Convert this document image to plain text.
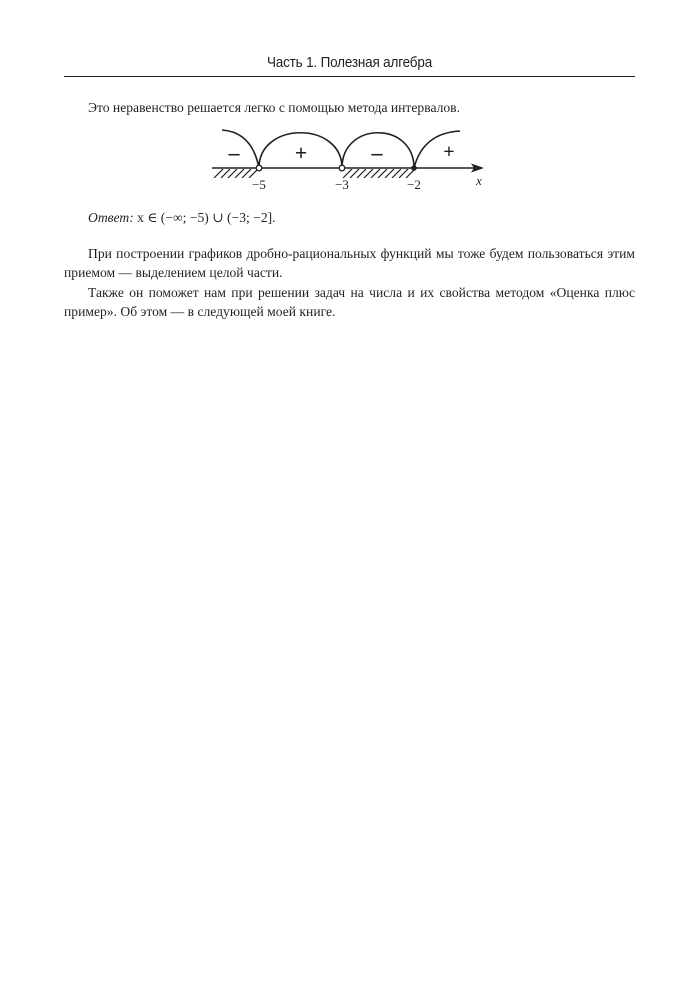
Часть 1. Полезная алгебра

Это неравенство решается легко с помощью метода интервалов.

–	+	–	+
−5	−3	−2	x

Ответ: x ∈ (−∞; −5) ∪ (−3; −2].

При построении графиков дробно-рациональных функций мы тоже будем пользоваться этим приемом — выделением целой части.

Также он поможет нам при решении задач на числа и их свойства методом «Оценка плюс пример». Об этом — в следующей моей книге.
